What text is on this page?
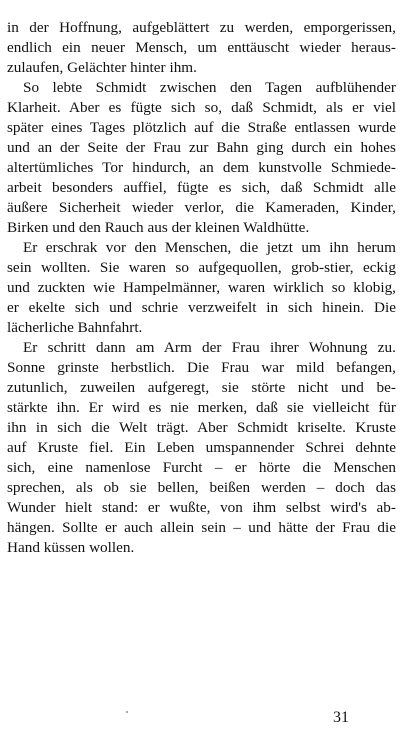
in der Hoffnung, aufgeblättert zu werden, emporgerissen,
endlich ein neuer Mensch, um enttäuscht wieder heraus-
zulaufen, Gelächter hinter ihm.
So lebte Schmidt zwischen den Tagen aufblühender
Klarheit. Aber es fügte sich so, daß Schmidt, als er viel
später eines Tages plötzlich auf die Straße entlassen wurde
und an der Seite der Frau zur Bahn ging durch ein hohes
altertümliches Tor hindurch, an dem kunstvolle Schmiede-
arbeit besonders auffiel, fügte es sich, daß Schmidt alle
äußere Sicherheit wieder verlor, die Kameraden, Kinder,
Birken und den Rauch aus der kleinen Waldhütte.
Er erschrak vor den Menschen, die jetzt um ihn herum
sein wollten. Sie waren so aufgequollen, grob-stier, eckig
und zuckten wie Hampelmänner, waren wirklich so klobig,
er ekelte sich und schrie verzweifelt in sich hinein. Die
lächerliche Bahnfahrt.
Er schritt dann am Arm der Frau ihrer Wohnung zu.
Sonne grinste herbstlich. Die Frau war mild befangen,
zutunlich, zuweilen aufgeregt, sie störte nicht und be-
stärkte ihn. Er wird es nie merken, daß sie vielleicht für
ihn in sich die Welt trägt. Aber Schmidt kriselte. Kruste
auf Kruste fiel. Ein Leben umspannender Schrei dehnte
sich, eine namenlose Furcht – er hörte die Menschen
sprechen, als ob sie bellen, beißen werden – doch das
Wunder hielt stand: er wußte, von ihm selbst wird's ab-
hängen. Sollte er auch allein sein – und hätte der Frau die
Hand küssen wollen.
31
